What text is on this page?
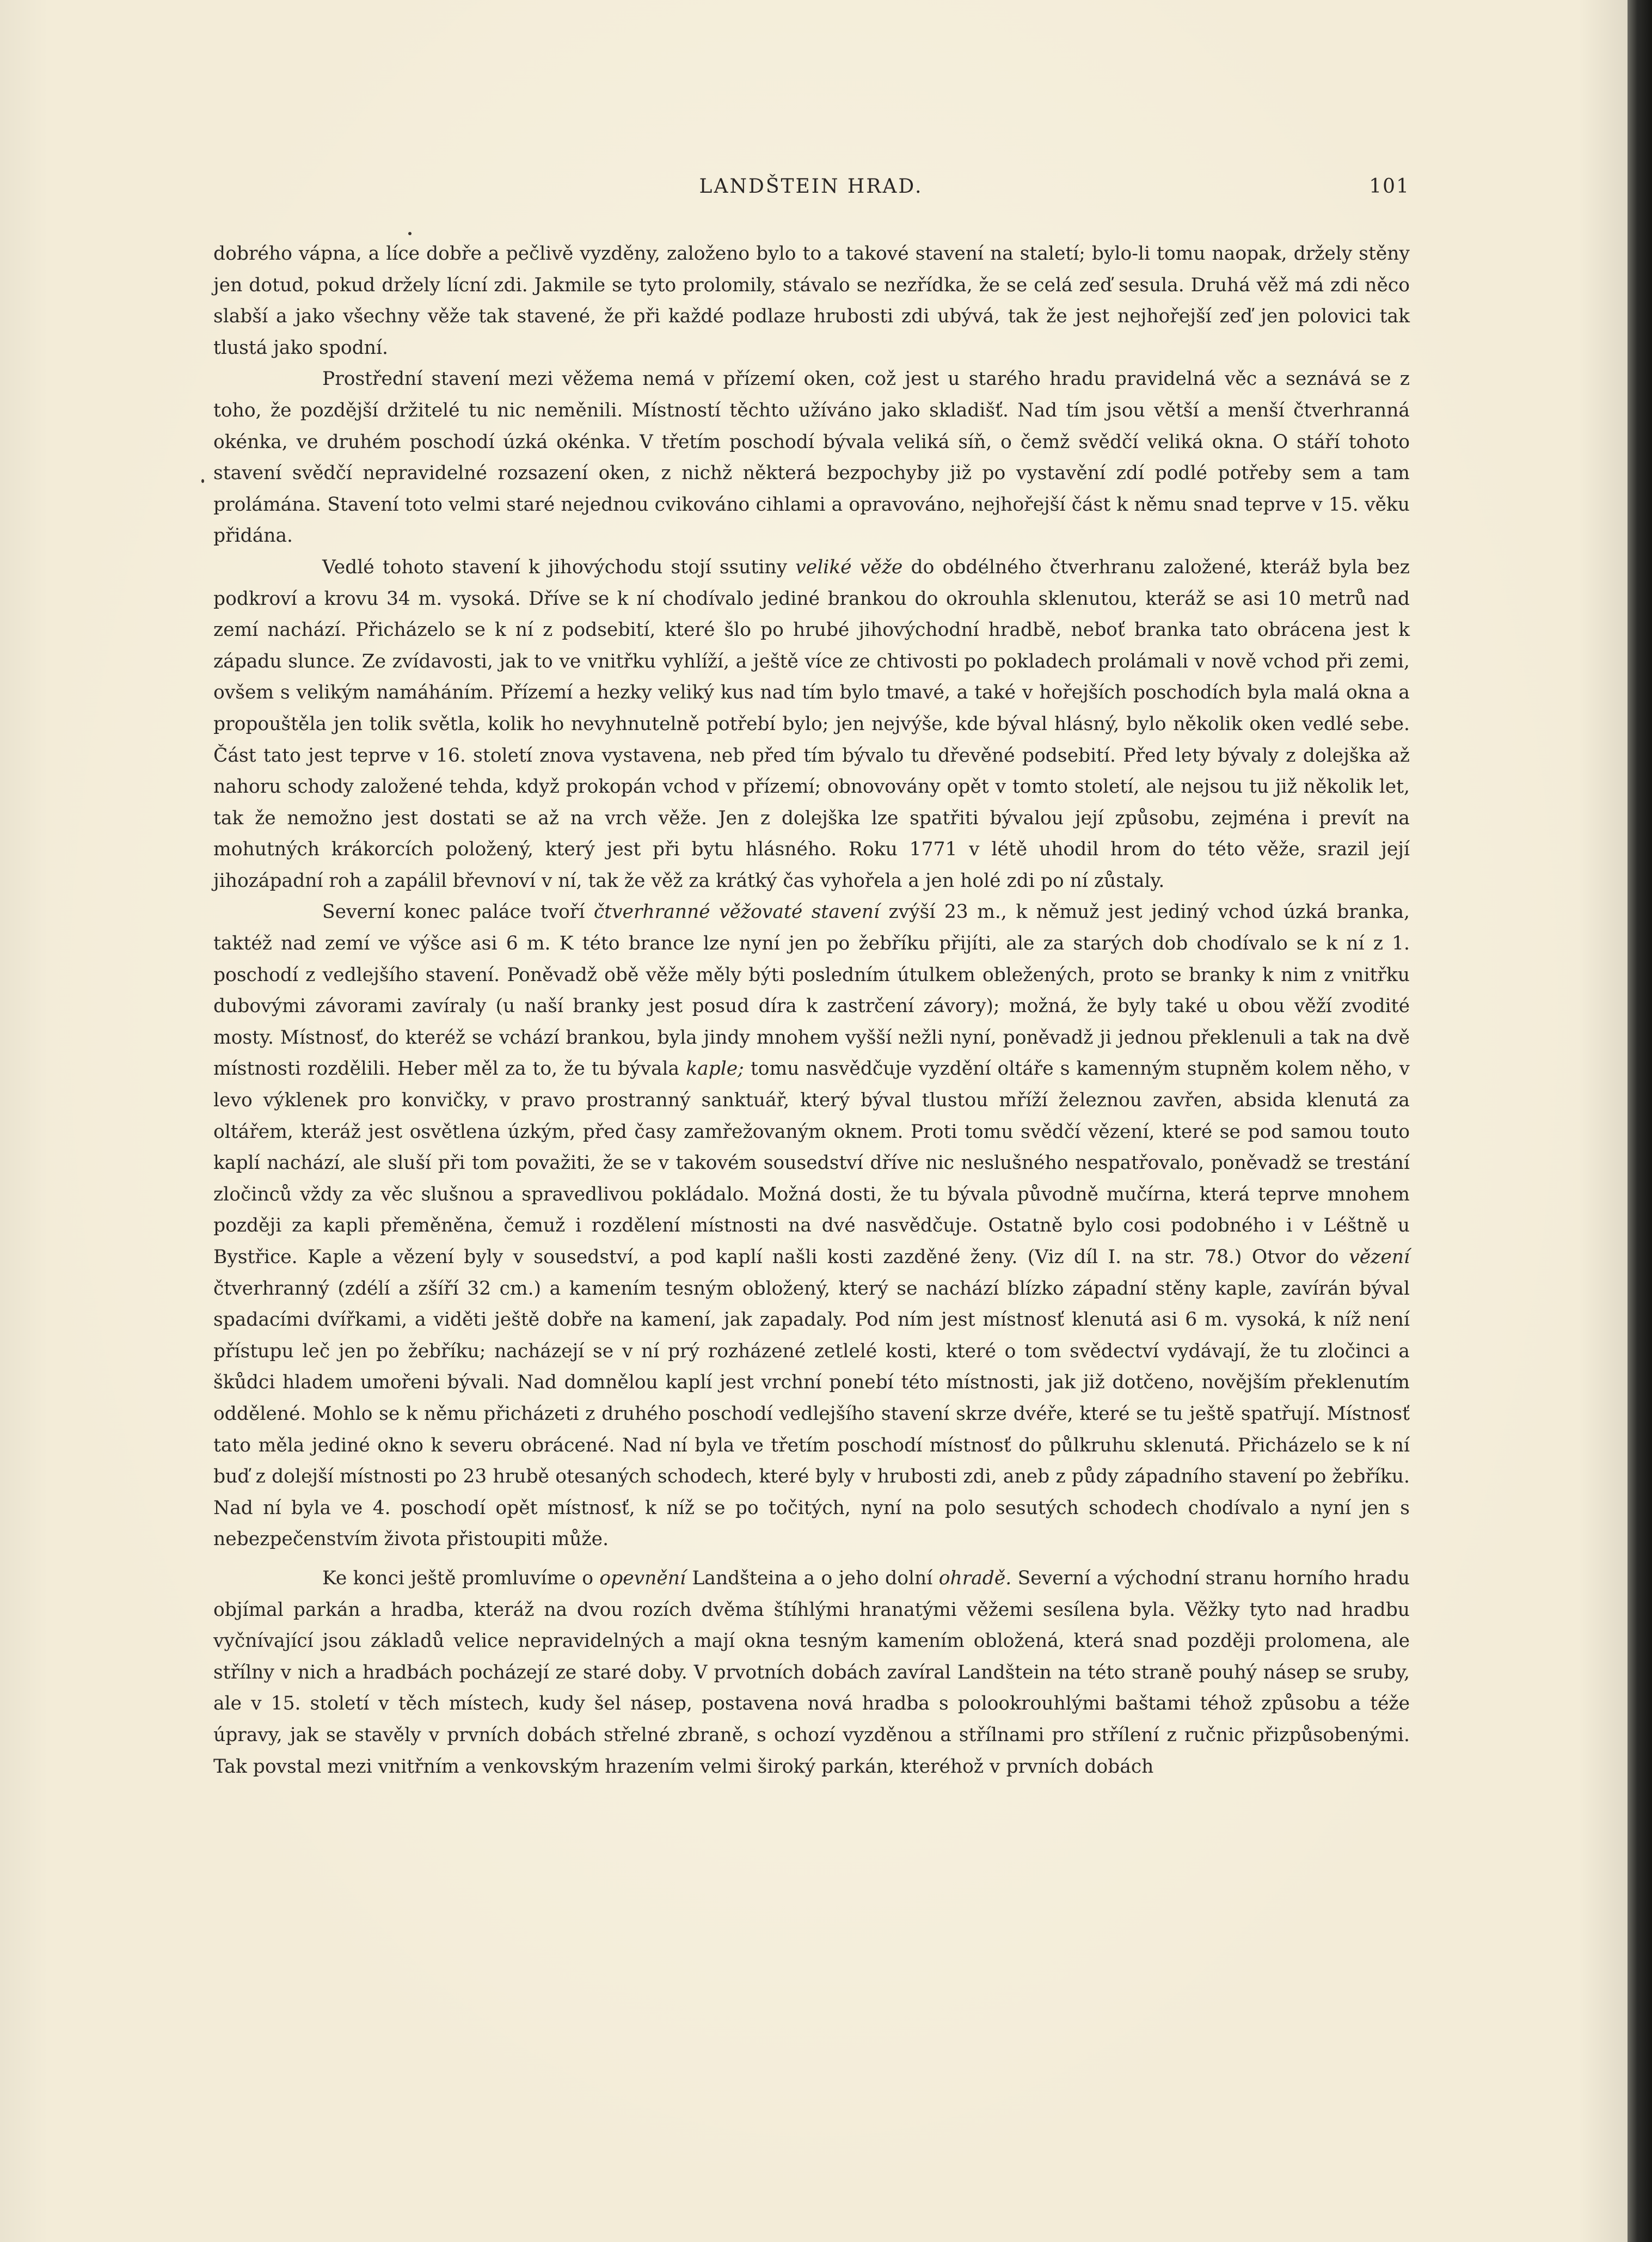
LANDŠTEIN HRAD.	101

dobrého vápna, a líce dobře a pečlivě vyzděny, založeno bylo to a takové stavení na staletí; bylo-li tomu naopak, držely stěny jen dotud, pokud držely lícní zdi. Jakmile se tyto prolomily, stávalo se nezřídka, že se celá zeď sesula. Druhá věž má zdi něco slabší a jako všechny věže tak stavené, že při každé podlaze hrubosti zdi ubývá, tak že jest nejhořejší zeď jen polovici tak tlustá jako spodní.

Prostřední stavení mezi věžema nemá v přízemí oken, což jest u starého hradu pravidelná věc a seznává se z toho, že pozdější držitelé tu nic neměnili. Místností těchto užíváno jako skladišť. Nad tím jsou větší a menší čtverhranná okénka, ve druhém poschodí úzká okénka. V třetím poschodí bývala veliká síň, o čemž svědčí veliká okna. O stáří tohoto stavení svědčí nepravidelné rozsazení oken, z nichž některá bezpochyby již po vystavění zdí podlé potřeby sem a tam prolámána. Stavení toto velmi staré nejednou cvikováno cihlami a opravováno, nejhořejší část k němu snad teprve v 15. věku přidána.

Vedlé tohoto stavení k jihovýchodu stojí ssutiny veliké věže do obdélného čtverhranu založené, kteráž byla bez podkroví a krovu 34 m. vysoká. Dříve se k ní chodívalo jediné brankou do okrouhla sklenutou, kteráž se asi 10 metrů nad zemí nachází. Přicházelo se k ní z podsebití, které šlo po hrubé jihovýchodní hradbě, neboť branka tato obrácena jest k západu slunce. Ze zvídavosti, jak to ve vnitřku vyhlíží, a ještě více ze chtivosti po pokladech prolámali v nově vchod při zemi, ovšem s velikým namáháním. Přízemí a hezky veliký kus nad tím bylo tmavé, a také v hořejších poschodích byla malá okna a propouštěla jen tolik světla, kolik ho nevyhnutelně potřebí bylo; jen nejvýše, kde býval hlásný, bylo několik oken vedlé sebe. Část tato jest teprve v 16. století znova vystavena, neb před tím bývalo tu dřevěné podsebití. Před lety bývaly z dolejška až nahoru schody založené tehda, když prokopán vchod v přízemí; obnovovány opět v tomto století, ale nejsou tu již několik let, tak že nemožno jest dostati se až na vrch věže. Jen z dolejška lze spatřiti bývalou její způsobu, zejména i prevít na mohutných krákorcích položený, který jest při bytu hlásného. Roku 1771 v létě uhodil hrom do této věže, srazil její jihozápadní roh a zapálil břevnoví v ní, tak že věž za krátký čas vyhořela a jen holé zdi po ní zůstaly.

Severní konec paláce tvoří čtverhranné věžovaté stavení zvýší 23 m., k němuž jest jediný vchod úzká branka, taktéž nad zemí ve výšce asi 6 m. K této brance lze nyní jen po žebříku přijíti, ale za starých dob chodívalo se k ní z 1. poschodí z vedlejšího stavení. Poněvadž obě věže měly býti posledním útulkem obležených, proto se branky k nim z vnitřku dubovými závorami zavíraly (u naší branky jest posud díra k zastrčení závory); možná, že byly také u obou věží zvodité mosty. Místnosť, do kteréž se vchází brankou, byla jindy mnohem vyšší nežli nyní, poněvadž ji jednou překlenuli a tak na dvě místnosti rozdělili. Heber měl za to, že tu bývala kaple; tomu nasvědčuje vyzdění oltáře s kamenným stupněm kolem něho, v levo výklenek pro konvičky, v pravo prostranný sanktuář, který býval tlustou mříží železnou zavřen, absida klenutá za oltářem, kteráž jest osvětlena úzkým, před časy zamřežovaným oknem. Proti tomu svědčí vězení, které se pod samou touto kaplí nachází, ale sluší při tom považiti, že se v takovém sousedství dříve nic neslušného nespatřovalo, poněvadž se trestání zločinců vždy za věc slušnou a spravedlivou pokládalo. Možná dosti, že tu bývala původně mučírna, která teprve mnohem později za kapli přeměněna, čemuž i rozdělení místnosti na dvé nasvědčuje. Ostatně bylo cosi podobného i v Léštně u Bystřice. Kaple a vězení byly v sousedství, a pod kaplí našli kosti zazděné ženy. (Viz díl I. na str. 78.) Otvor do vězení čtverhranný (zdélí a zšíří 32 cm.) a kamením tesným obložený, který se nachází blízko západní stěny kaple, zavírán býval spadacími dvířkami, a viděti ještě dobře na kamení, jak zapadaly. Pod ním jest místnosť klenutá asi 6 m. vysoká, k níž není přístupu leč jen po žebříku; nacházejí se v ní prý rozházené zetlelé kosti, které o tom svědectví vydávají, že tu zločinci a škůdci hladem umořeni bývali. Nad domnělou kaplí jest vrchní ponebí této místnosti, jak již dotčeno, novějším překlenutím oddělené. Mohlo se k němu přicházeti z druhého poschodí vedlejšího stavení skrze dvéře, které se tu ještě spatřují. Místnosť tato měla jediné okno k severu obrácené. Nad ní byla ve třetím poschodí místnosť do půlkruhu sklenutá. Přicházelo se k ní buď z dolejší místnosti po 23 hrubě otesaných schodech, které byly v hrubosti zdi, aneb z půdy západního stavení po žebříku. Nad ní byla ve 4. poschodí opět místnosť, k níž se po točitých, nyní na polo sesutých schodech chodívalo a nyní jen s nebezpečenstvím života přistoupiti může.

Ke konci ještě promluvíme o opevnění Landšteina a o jeho dolní ohradě. Severní a východní stranu horního hradu objímal parkán a hradba, kteráž na dvou rozích dvěma štíhlými hranatými věžemi sesílena byla. Věžky tyto nad hradbu vyčnívající jsou základů velice nepravidelných a mají okna tesným kamením obložená, která snad později prolomena, ale střílny v nich a hradbách pocházejí ze staré doby. V prvotních dobách zavíral Landštein na této straně pouhý násep se sruby, ale v 15. století v těch místech, kudy šel násep, postavena nová hradba s polookrouhlými baštami téhož způsobu a téže úpravy, jak se stavěly v prvních dobách střelné zbraně, s ochozí vyzděnou a střílnami pro střílení z ručnic přizpůsobenými. Tak povstal mezi vnitřním a venkovským hrazením velmi široký parkán, kteréhož v prvních dobách
